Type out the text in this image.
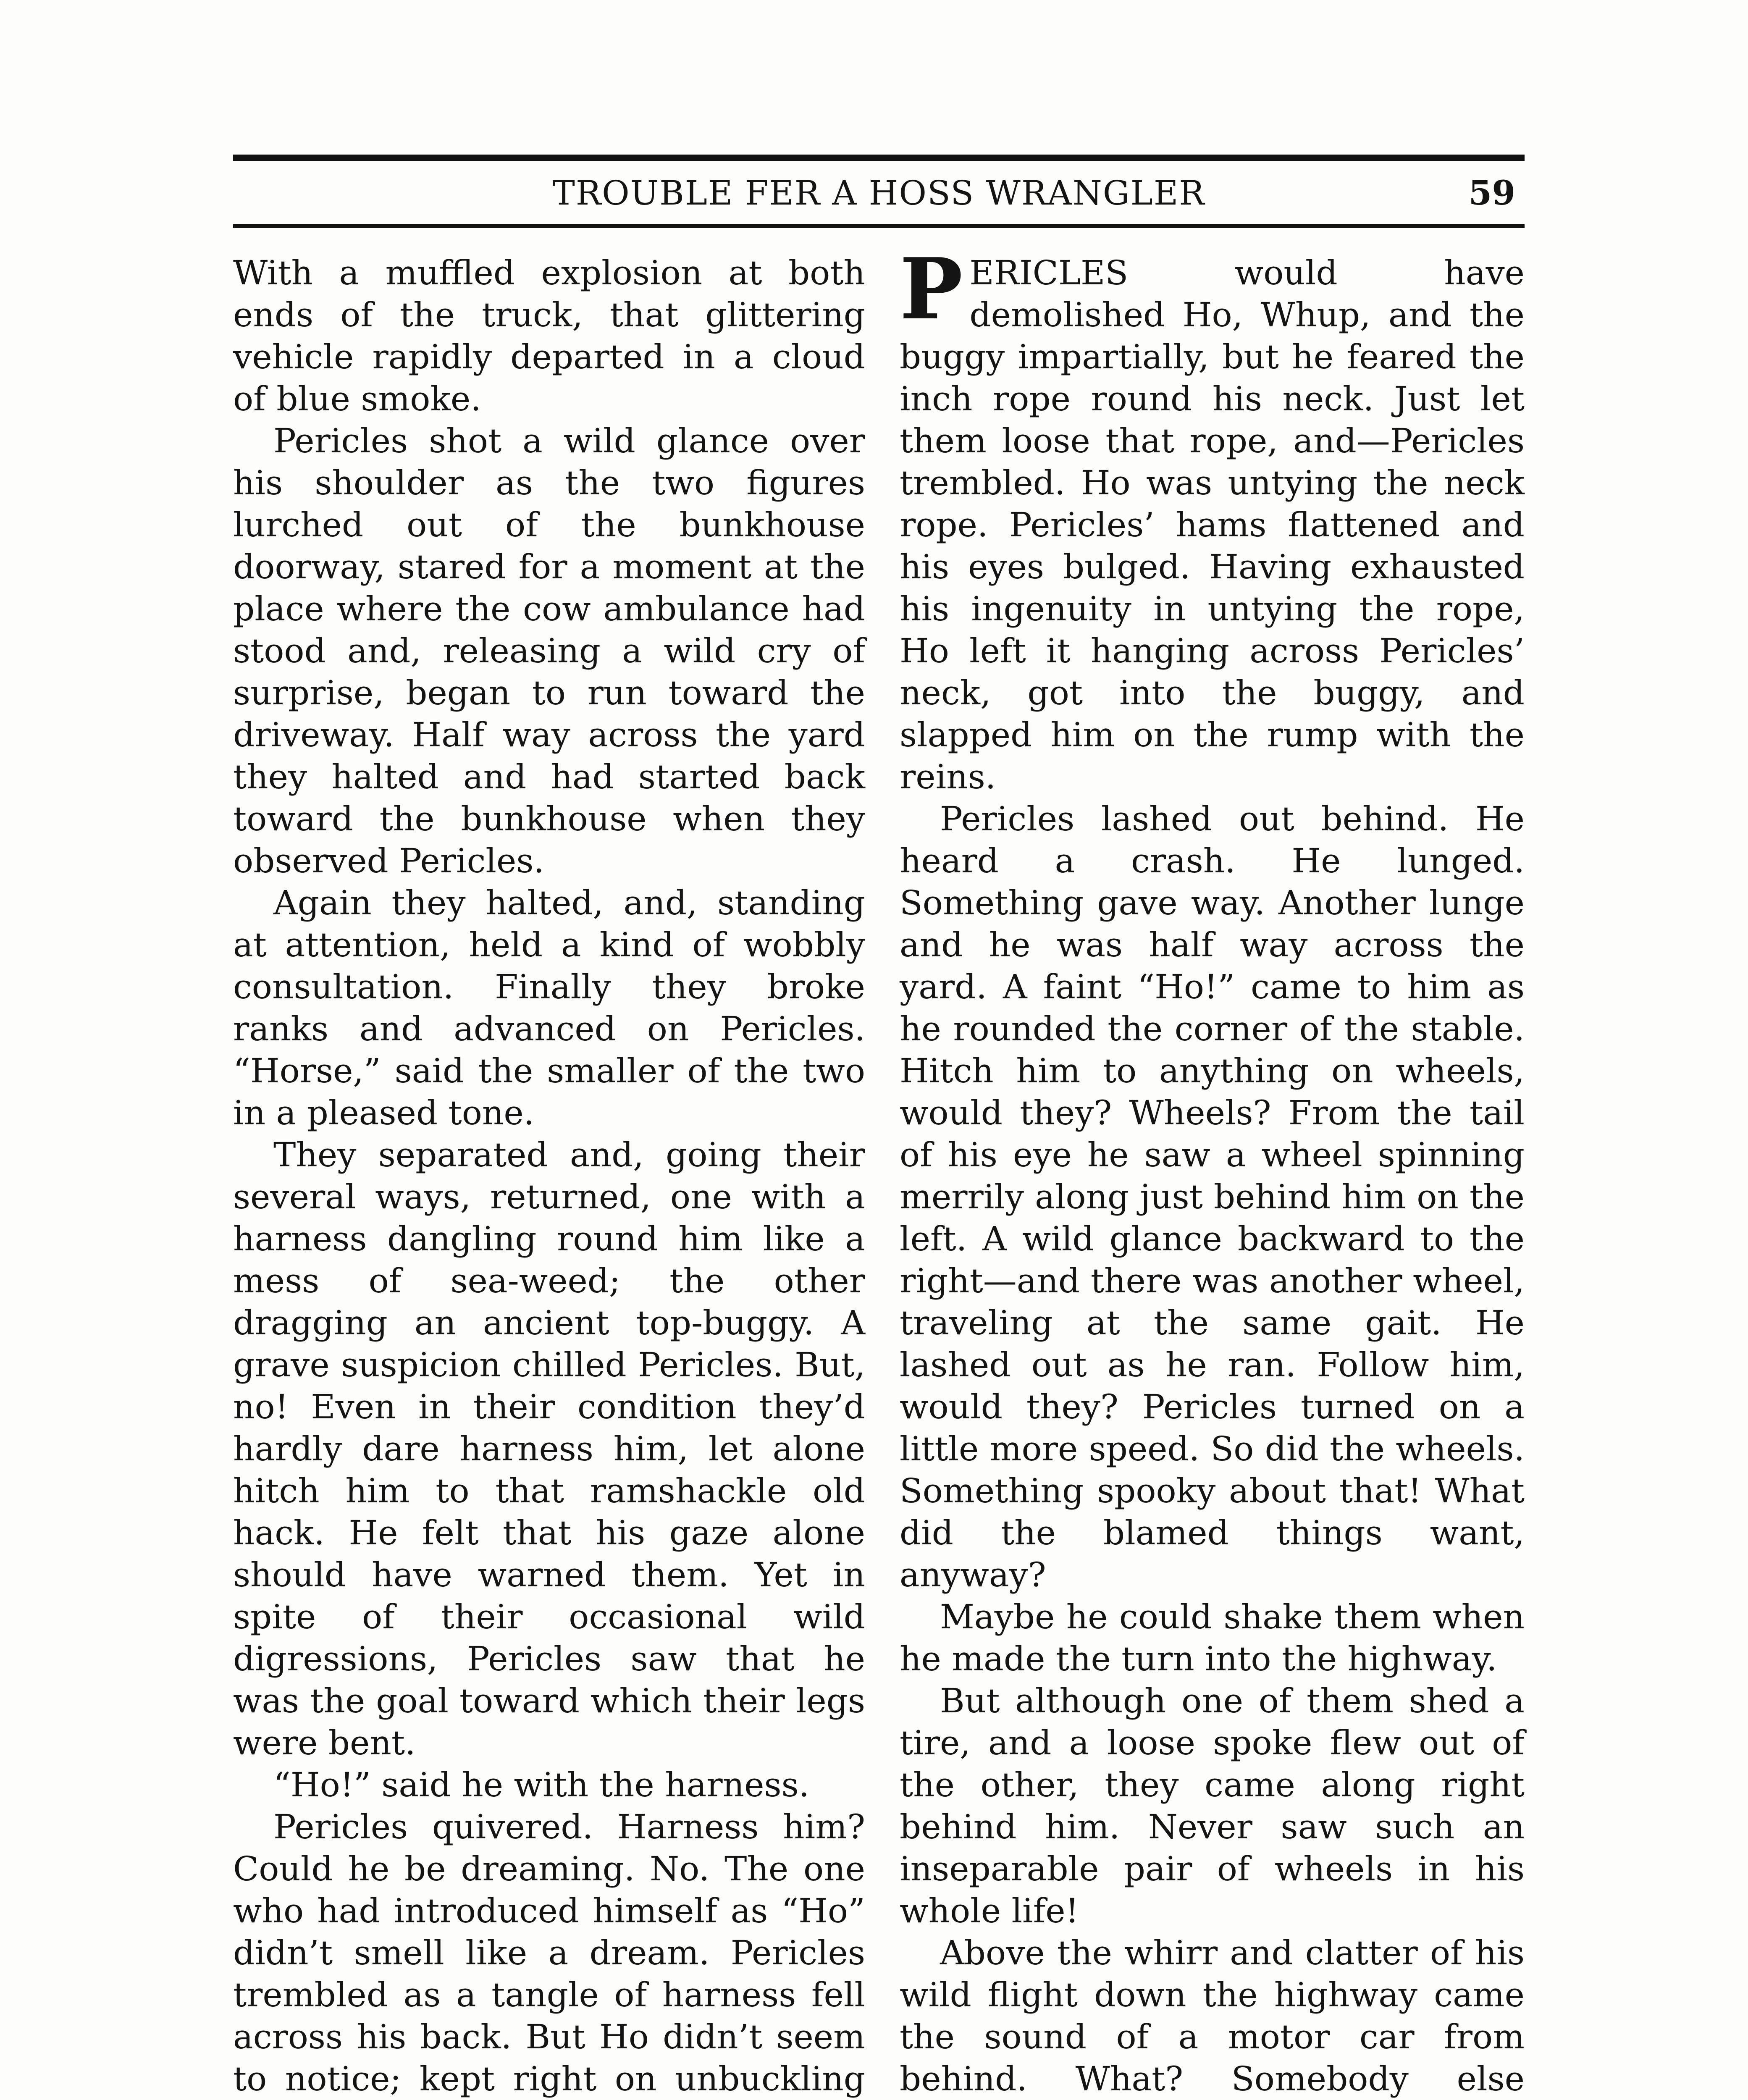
TROUBLE FER A HOSS WRANGLER	59

With a muffled explosion at both ends of the truck, that glittering vehicle rapidly departed in a cloud of blue smoke.

Pericles shot a wild glance over his shoulder as the two figures lurched out of the bunkhouse doorway, stared for a moment at the place where the cow ambulance had stood and, releasing a wild cry of surprise, began to run toward the driveway. Half way across the yard they halted and had started back toward the bunkhouse when they observed Pericles.

Again they halted, and, standing at attention, held a kind of wobbly consultation. Finally they broke ranks and advanced on Pericles. “Horse,” said the smaller of the two in a pleased tone.

They separated and, going their several ways, returned, one with a harness dangling round him like a mess of sea-weed; the other dragging an ancient top-buggy. A grave suspicion chilled Pericles. But, no! Even in their condition they’d hardly dare harness him, let alone hitch him to that ramshackle old hack. He felt that his gaze alone should have warned them. Yet in spite of their occasional wild digressions, Pericles saw that he was the goal toward which their legs were bent.

“Ho!” said he with the harness.

Pericles quivered. Harness him? Could he be dreaming. No. The one who had introduced himself as “Ho” didn’t smell like a dream. Pericles trembled as a tangle of harness fell across his back. But Ho didn’t seem to notice; kept right on unbuckling

PERICLES would have demolished Ho, Whup, and the buggy impartially, but he feared the inch rope round his neck. Just let them loose that rope, and—Pericles trembled. Ho was untying the neck rope. Pericles’ hams flattened and his eyes bulged. Having exhausted his ingenuity in untying the rope, Ho left it hanging across Pericles’ neck, got into the buggy, and slapped him on the rump with the reins.

Pericles lashed out behind. He heard a crash. He lunged. Something gave way. Another lunge and he was half way across the yard. A faint “Ho!” came to him as he rounded the corner of the stable. Hitch him to anything on wheels, would they? Wheels? From the tail of his eye he saw a wheel spinning merrily along just behind him on the left. A wild glance backward to the right—and there was another wheel, traveling at the same gait. He lashed out as he ran. Follow him, would they? Pericles turned on a little more speed. So did the wheels. Something spooky about that! What did the blamed things want, anyway?

Maybe he could shake them when he made the turn into the highway.

But although one of them shed a tire, and a loose spoke flew out of the other, they came along right behind him. Never saw such an inseparable pair of wheels in his whole life!

Above the whirr and clatter of his wild flight down the highway came the sound of a motor car from behind. What? Somebody else
